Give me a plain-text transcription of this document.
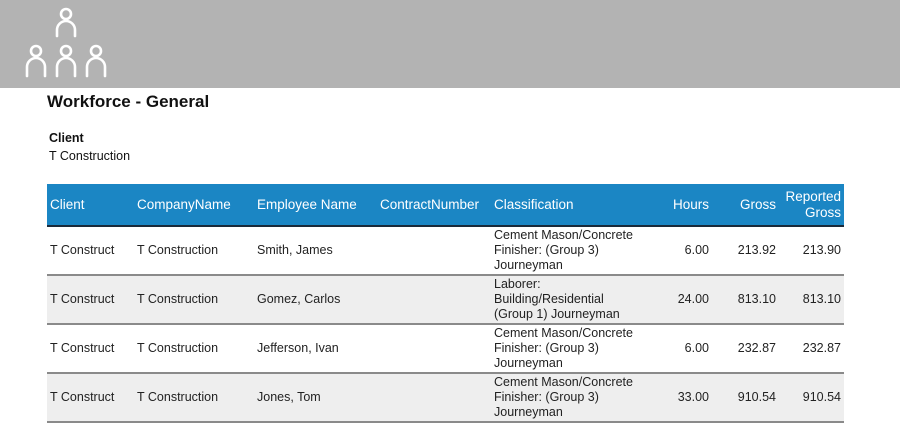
Workforce - General
Client
T Construction
Client	CompanyName	Employee Name	ContractNumber	Classification	Hours	Gross	Reported Gross
T Construct	T Construction	Smith, James		Cement Mason/Concrete Finisher: (Group 3) Journeyman	6.00	213.92	213.90
T Construct	T Construction	Gomez, Carlos		Laborer: Building/Residential (Group 1) Journeyman	24.00	813.10	813.10
T Construct	T Construction	Jefferson, Ivan		Cement Mason/Concrete Finisher: (Group 3) Journeyman	6.00	232.87	232.87
T Construct	T Construction	Jones, Tom		Cement Mason/Concrete Finisher: (Group 3) Journeyman	33.00	910.54	910.54
